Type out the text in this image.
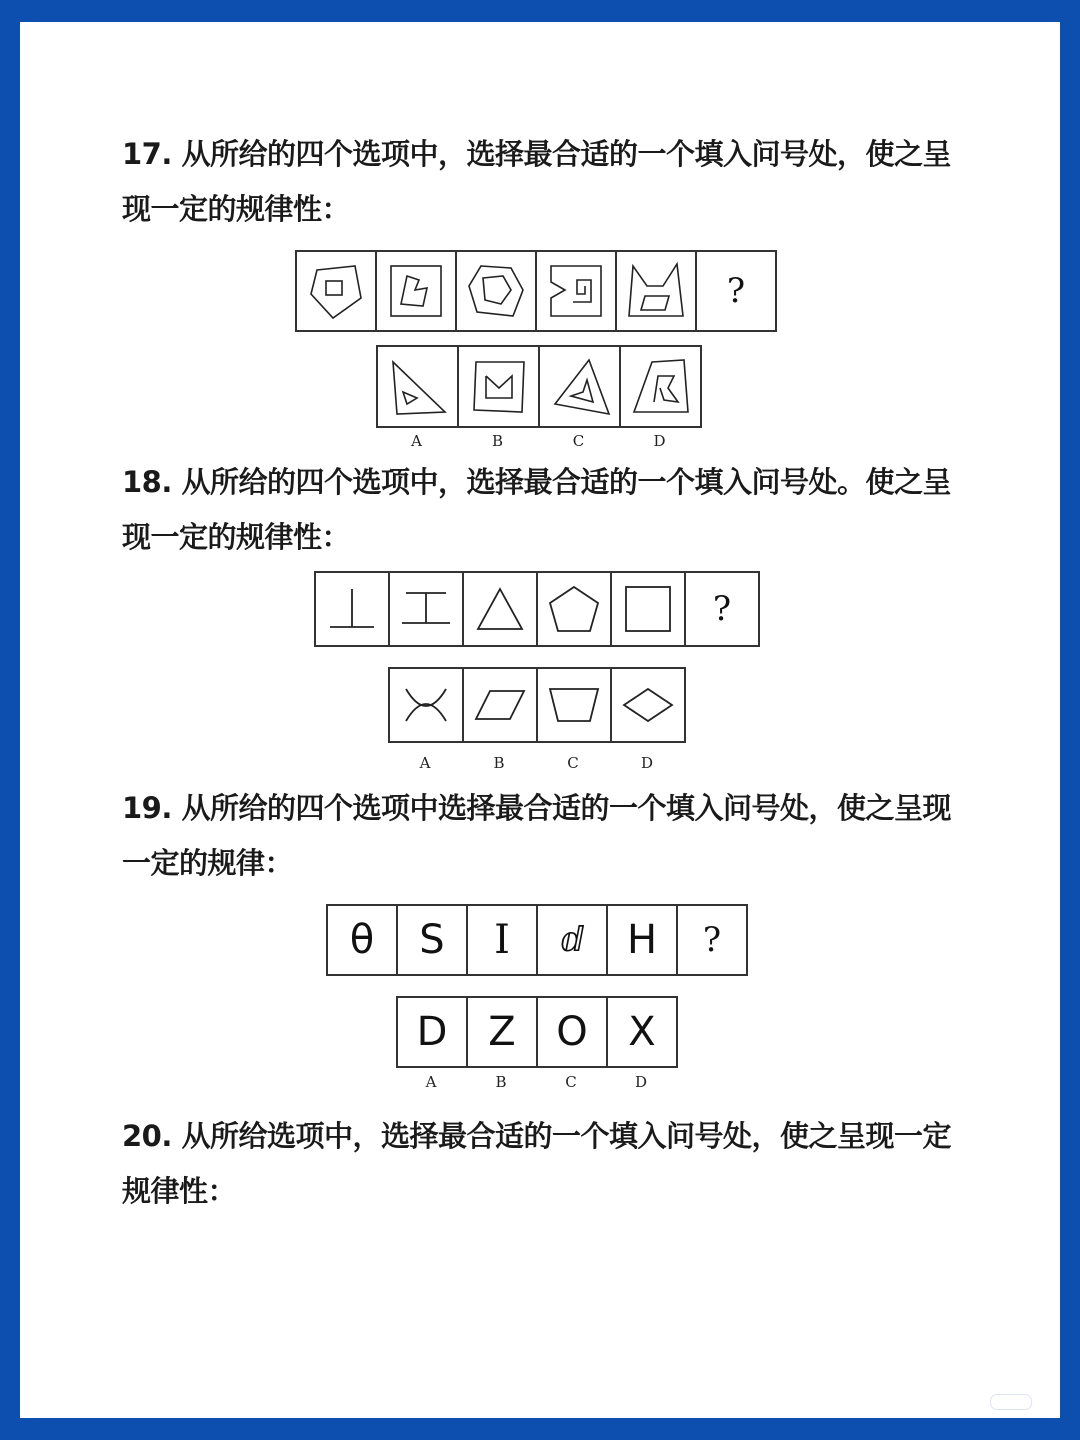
17. 从所给的四个选项中，选择最合适的一个填入问号处，使之呈现一定的规律性：

?
A	B	C	D

18. 从所给的四个选项中，选择最合适的一个填入问号处。使之呈现一定的规律性：

?
A	B	C	D

19. 从所给的四个选项中选择最合适的一个填入问号处，使之呈现一定的规律：

θ S I ⅆ H ?
D Z O X
A	B	C	D

20. 从所给选项中，选择最合适的一个填入问号处，使之呈现一定规律性：
